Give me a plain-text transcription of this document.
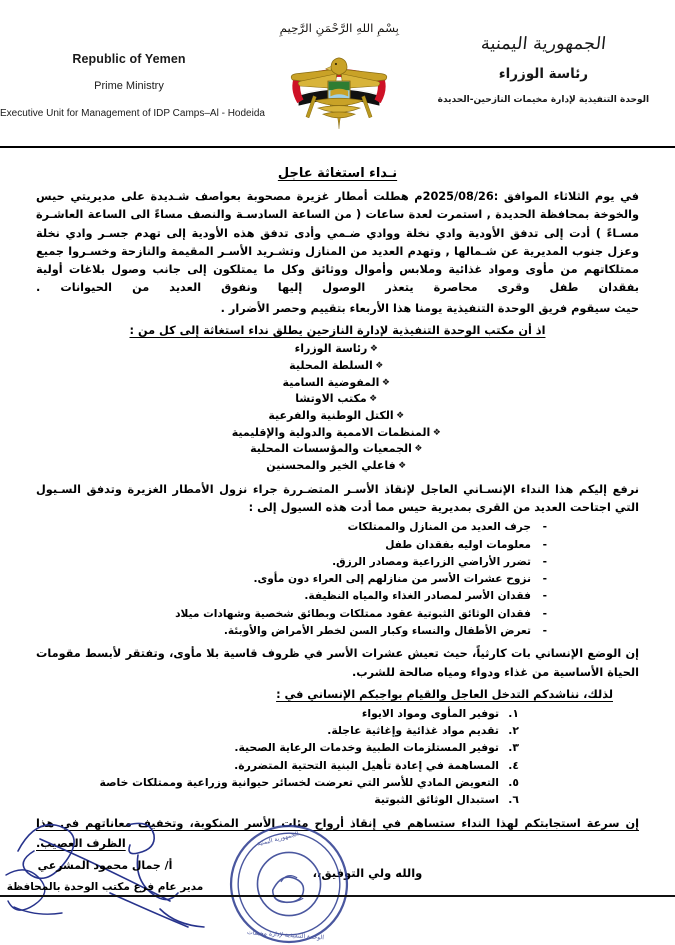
Republic of Yemen
Prime Ministry
Executive Unit for Management of IDP Camps–Al - Hodeida
بِسْمِ اللهِ الرَّحْمَنِ الرَّحِيمِ
الجمهورية اليمنية
رئاسة الوزراء
الوحدة التنفيذية لإدارة مخيمات النازحين-الحديدة
نـداء استغاثة عاجل

في يوم الثلاثاء الموافق :2025/08/26م هطلت أمطار غزيرة مصحوبة بعواصف شـديدة على مديريتي حيس والخوخة بمحافظة الحديدة , استمرت لعدة ساعات ( من الساعة السادسـة والنصف مساءً الى الساعة العاشـرة مسـاءً ) أدت إلى تدفق الأودية وادي نخلة ووادي ضـمي وأدى تدفق هذه الأودية إلى تهدم جسـر وادي نخلة وعزل جنوب المديرية عن شـمالها , وتهدم العديد من المنازل وتشـريد الأسـر المقيمة والنازحة وخسـروا جميع ممتلكاتهم من مأوى ومواد غذائية وملابس وأموال ووثائق وكل ما يمتلكون إلى جانب وصول بلاغات أولية بفقدان طفل وقرى محاصرة يتعذر الوصول إليها ونفوق العديد من الحيوانات .

حيث سيقوم فريق الوحدة التنفيذية يومنا هذا الأربعاء بتقييم وحصر الأضرار .

اذ أن مكتب الوحدة التنفيذية لإدارة النازحين يطلق نداء استغاثة إلى كل من :
❖رئاسة الوزراء
❖السلطة المحلية
❖المفوضية السامية
❖مكتب الاوتشا
❖الكتل الوطنية والفرعية
❖المنظمات الاممية والدولية والإقليمية
❖الجمعيات والمؤسسات المحلية
❖فاعلي الخير والمحسنين

نرفع إليكم هذا النداء الإنسـاني العاجل لإنقاذ الأسـر المتضـررة جراء نزول الأمطار الغزيرة وتدفق السـيول التي اجتاحت العديد من القرى بمديرية حيس مما أدت هذه السيول إلى :

-جرف العديد من المنازل والممتلكات
-معلومات اوليه بفقدان طفل
-تضرر الأراضي الزراعية ومصادر الرزق.
-نزوح عشرات الأسر من منازلهم إلى العراء دون مأوى.
-فقدان الأسر لمصادر الغذاء والمياه النظيفة.
-فقدان الوثائق الثبوتية عقود ممتلكات وبطائق شخصية وشهادات ميلاد
-تعرض الأطفال والنساء وكبار السن لخطر الأمراض والأوبئة.

إن الوضع الإنساني بات كارثياً، حيث تعيش عشرات الأسر في ظروف قاسية بلا مأوى، وتفتقر لأبسط مقومات الحياة الأساسية من غذاء ودواء ومياه صالحة للشرب.

لذلك، نناشدكم التدخل العاجل والقيام بواجبكم الإنساني في :
١.توفير المأوى ومواد الايواء
٢.تقديم مواد غذائية وإغاثية عاجلة.
٣.توفير المستلزمات الطبية وخدمات الرعاية الصحية.
٤.المساهمة في إعادة تأهيل البنية التحتية المتضررة.
٥.التعويض المادي للأسر التي تعرضت لخسائر حيوانية وزراعية وممتلكات خاصة
٦.استبدال الوثائق الثبوتية

إن سرعة استجابتكم لهذا النداء ستساهم في إنقاذ أرواح مئات الأسر المنكوبة، وتخفيف معاناتهم في هذا

الظرف العصيب.

والله ولي التوفيق،،
الجمهورية اليمنية
الوحدة التنفيذية لإدارة مخيمات
أ/ جمال محمود المشرعي
مدير عام فرع مكتب الوحدة بالمحافظة
